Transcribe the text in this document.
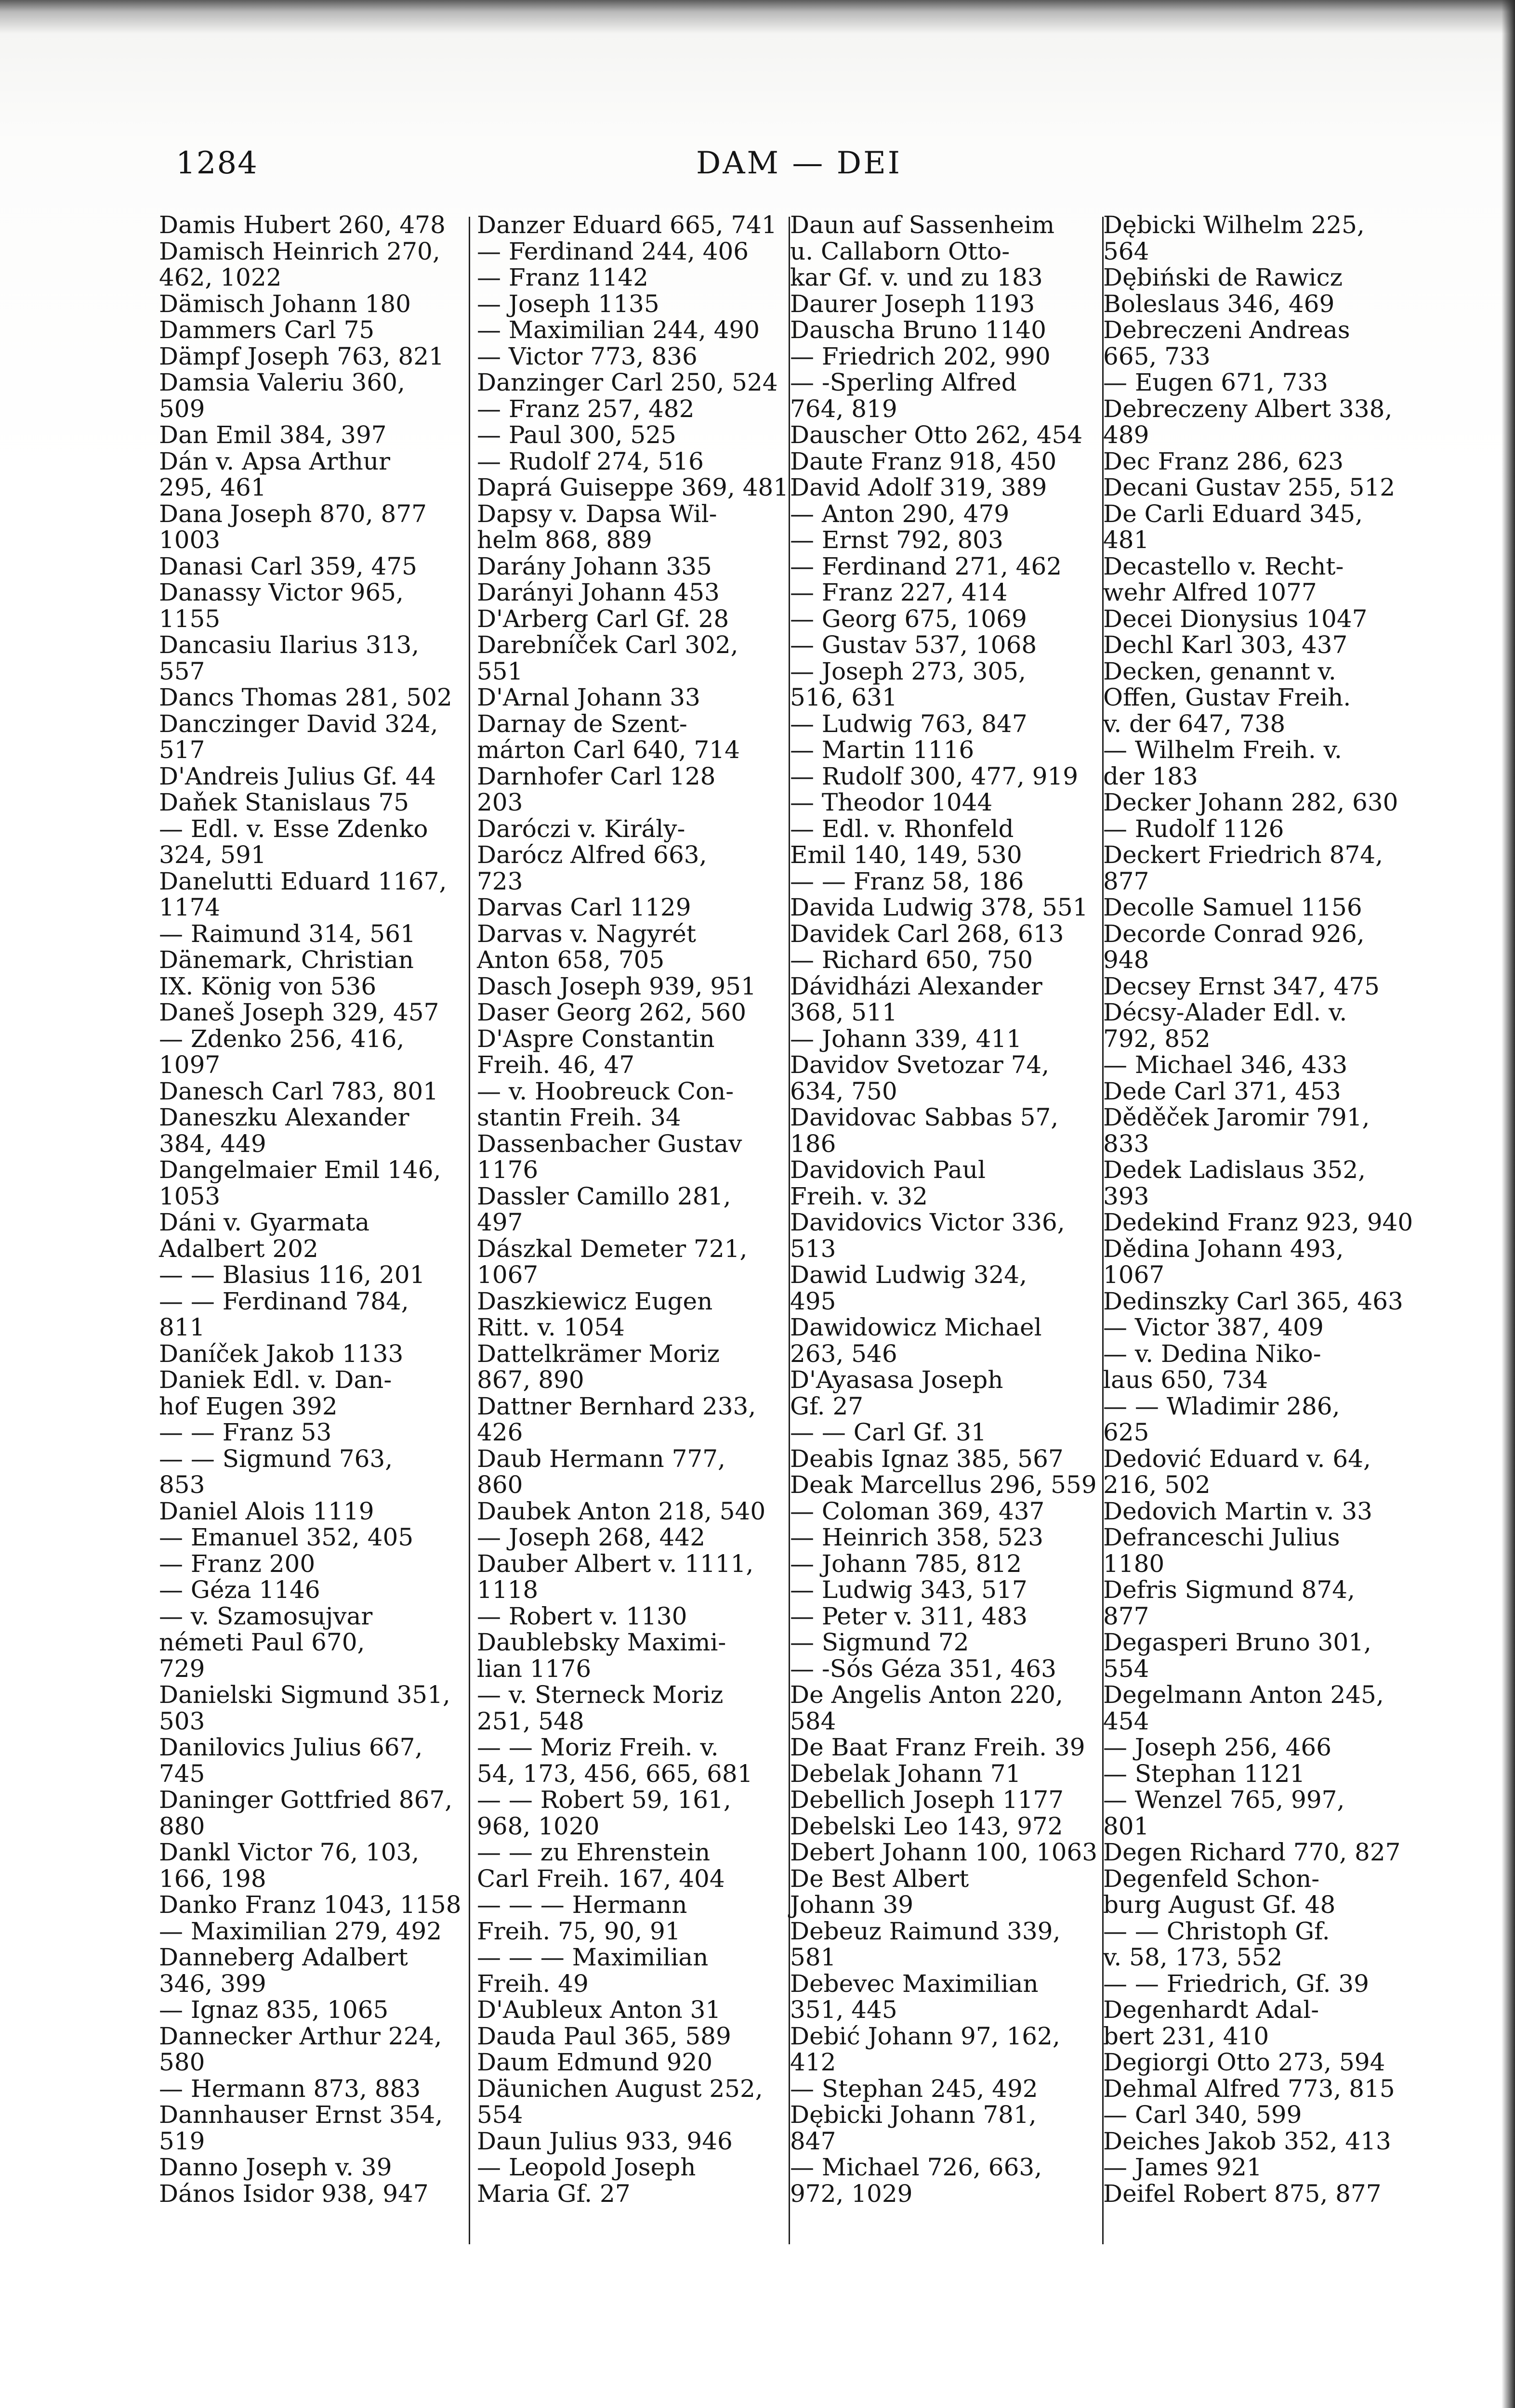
1284	DAM — DEI
Damis Hubert 260, 478
Damisch Heinrich 270,
462, 1022
Dämisch Johann 180
Dammers Carl 75
Dämpf Joseph 763, 821
Damsia Valeriu 360,
509
Dan Emil 384, 397
Dán v. Apsa Arthur
295, 461
Dana Joseph 870, 877
1003
Danasi Carl 359, 475
Danassy Victor 965,
1155
Dancasiu Ilarius 313,
557
Dancs Thomas 281, 502
Danczinger David 324,
517
D'Andreis Julius Gf. 44
Daňek Stanislaus 75
— Edl. v. Esse Zdenko
324, 591
Danelutti Eduard 1167,
1174
— Raimund 314, 561
Dänemark, Christian
IX. König von 536
Daneš Joseph 329, 457
— Zdenko 256, 416,
1097
Danesch Carl 783, 801
Daneszku Alexander
384, 449
Dangelmaier Emil 146,
1053
Dáni v. Gyarmata
Adalbert 202
— — Blasius 116, 201
— — Ferdinand 784,
811
Daníček Jakob 1133
Daniek Edl. v. Dan-
hof Eugen 392
— — Franz 53
— — Sigmund 763,
853
Daniel Alois 1119
— Emanuel 352, 405
— Franz 200
— Géza 1146
— v. Szamosujvar
németi Paul 670,
729
Danielski Sigmund 351,
503
Danilovics Julius 667,
745
Daninger Gottfried 867,
880
Dankl Victor 76, 103,
166, 198
Danko Franz 1043, 1158
— Maximilian 279, 492
Danneberg Adalbert
346, 399
— Ignaz 835, 1065
Dannecker Arthur 224,
580
— Hermann 873, 883
Dannhauser Ernst 354,
519
Danno Joseph v. 39
Dános Isidor 938, 947
Danzer Eduard 665, 741
— Ferdinand 244, 406
— Franz 1142
— Joseph 1135
— Maximilian 244, 490
— Victor 773, 836
Danzinger Carl 250, 524
— Franz 257, 482
— Paul 300, 525
— Rudolf 274, 516
Daprá Guiseppe 369, 481
Dapsy v. Dapsa Wil-
helm 868, 889
Darány Johann 335
Darányi Johann 453
D'Arberg Carl Gf. 28
Darebníček Carl 302,
551
D'Arnal Johann 33
Darnay de Szent-
márton Carl 640, 714
Darnhofer Carl 128
203
Daróczi v. Király-
Darócz Alfred 663,
723
Darvas Carl 1129
Darvas v. Nagyrét
Anton 658, 705
Dasch Joseph 939, 951
Daser Georg 262, 560
D'Aspre Constantin
Freih. 46, 47
— v. Hoobreuck Con-
stantin Freih. 34
Dassenbacher Gustav
1176
Dassler Camillo 281,
497
Dászkal Demeter 721,
1067
Daszkiewicz Eugen
Ritt. v. 1054
Dattelkrämer Moriz
867, 890
Dattner Bernhard 233,
426
Daub Hermann 777,
860
Daubek Anton 218, 540
— Joseph 268, 442
Dauber Albert v. 1111,
1118
— Robert v. 1130
Daublebsky Maximi-
lian 1176
— v. Sterneck Moriz
251, 548
— — Moriz Freih. v.
54, 173, 456, 665, 681
— — Robert 59, 161,
968, 1020
— — zu Ehrenstein
Carl Freih. 167, 404
— — — Hermann
Freih. 75, 90, 91
— — — Maximilian
Freih. 49
D'Aubleux Anton 31
Dauda Paul 365, 589
Daum Edmund 920
Däunichen August 252,
554
Daun Julius 933, 946
— Leopold Joseph
Maria Gf. 27
Daun auf Sassenheim
u. Callaborn Otto-
kar Gf. v. und zu 183
Daurer Joseph 1193
Dauscha Bruno 1140
— Friedrich 202, 990
— -Sperling Alfred
764, 819
Dauscher Otto 262, 454
Daute Franz 918, 450
David Adolf 319, 389
— Anton 290, 479
— Ernst 792, 803
— Ferdinand 271, 462
— Franz 227, 414
— Georg 675, 1069
— Gustav 537, 1068
— Joseph 273, 305,
516, 631
— Ludwig 763, 847
— Martin 1116
— Rudolf 300, 477, 919
— Theodor 1044
— Edl. v. Rhonfeld
Emil 140, 149, 530
— — Franz 58, 186
Davida Ludwig 378, 551
Davidek Carl 268, 613
— Richard 650, 750
Dávidházi Alexander
368, 511
— Johann 339, 411
Davidov Svetozar 74,
634, 750
Davidovac Sabbas 57,
186
Davidovich Paul
Freih. v. 32
Davidovics Victor 336,
513
Dawid Ludwig 324,
495
Dawidowicz Michael
263, 546
D'Ayasasa Joseph
Gf. 27
— — Carl Gf. 31
Deabis Ignaz 385, 567
Deak Marcellus 296, 559
— Coloman 369, 437
— Heinrich 358, 523
— Johann 785, 812
— Ludwig 343, 517
— Peter v. 311, 483
— Sigmund 72
— -Sós Géza 351, 463
De Angelis Anton 220,
584
De Baat Franz Freih. 39
Debelak Johann 71
Debellich Joseph 1177
Debelski Leo 143, 972
Debert Johann 100, 1063
De Best Albert
Johann 39
Debeuz Raimund 339,
581
Debevec Maximilian
351, 445
Debić Johann 97, 162,
412
— Stephan 245, 492
Dębicki Johann 781,
847
— Michael 726, 663,
972, 1029
Dębicki Wilhelm 225,
564
Dębiński de Rawicz
Boleslaus 346, 469
Debreczeni Andreas
665, 733
— Eugen 671, 733
Debreczeny Albert 338,
489
Dec Franz 286, 623
Decani Gustav 255, 512
De Carli Eduard 345,
481
Decastello v. Recht-
wehr Alfred 1077
Decei Dionysius 1047
Dechl Karl 303, 437
Decken, genannt v.
Offen, Gustav Freih.
v. der 647, 738
— Wilhelm Freih. v.
der 183
Decker Johann 282, 630
— Rudolf 1126
Deckert Friedrich 874,
877
Decolle Samuel 1156
Decorde Conrad 926,
948
Decsey Ernst 347, 475
Décsy-Alader Edl. v.
792, 852
— Michael 346, 433
Dede Carl 371, 453
Děděček Jaromir 791,
833
Dedek Ladislaus 352,
393
Dedekind Franz 923, 940
Dědina Johann 493,
1067
Dedinszky Carl 365, 463
— Victor 387, 409
— v. Dedina Niko-
laus 650, 734
— — Wladimir 286,
625
Dedović Eduard v. 64,
216, 502
Dedovich Martin v. 33
Defranceschi Julius
1180
Defris Sigmund 874,
877
Degasperi Bruno 301,
554
Degelmann Anton 245,
454
— Joseph 256, 466
— Stephan 1121
— Wenzel 765, 997,
801
Degen Richard 770, 827
Degenfeld Schon-
burg August Gf. 48
— — Christoph Gf.
v. 58, 173, 552
— — Friedrich, Gf. 39
Degenhardt Adal-
bert 231, 410
Degiorgi Otto 273, 594
Dehmal Alfred 773, 815
— Carl 340, 599
Deiches Jakob 352, 413
— James 921
Deifel Robert 875, 877
